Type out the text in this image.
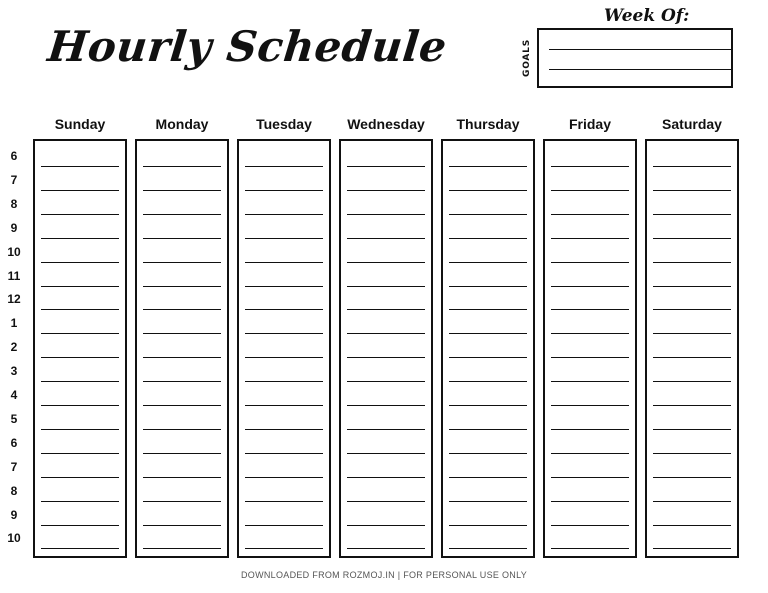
Hourly Schedule
Week Of:
GOALS
6
7
8
9
10
11
12
1
2
3
4
5
6
7
8
9
10
Sunday	Monday	Tuesday	Wednesday	Thursday	Friday	Saturday
DOWNLOADED FROM ROZMOJ.IN | FOR PERSONAL USE ONLY
